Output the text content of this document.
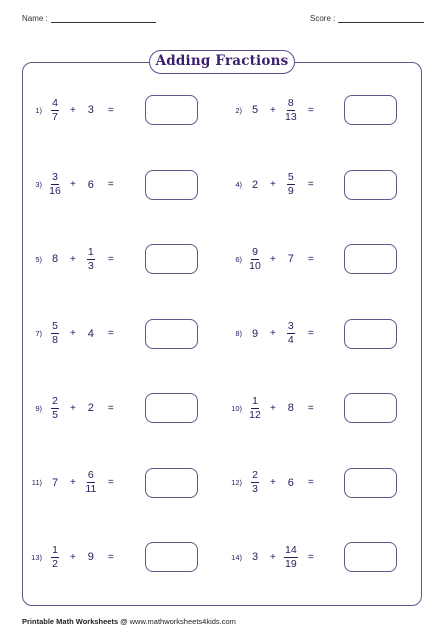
Name :	Score :
Adding Fractions
$1) \frac{4}{7} + 3$ =	2) $5 + \frac{8}{13}$ =
$3) \frac{3}{16} + 6$ =	4) $2 + \frac{5}{9}$ =
5) $8 + \frac{1}{3}$ =	$6) \frac{9}{10} + 7$ =
$7) \frac{5}{8} + 4$ =	8) $9 + \frac{3}{4}$ =
$9) \frac{2}{5} + 2$ =	$10) \frac{1}{12} + 8$ =
11) $7 + \frac{6}{11}$ =	$12) \frac{2}{3} + 6$ =
$13) \frac{1}{2} + 9$ =	14) $3 + \frac{14}{19}$ =
Printable Math Worksheets @ www.mathworksheets4kids.com
